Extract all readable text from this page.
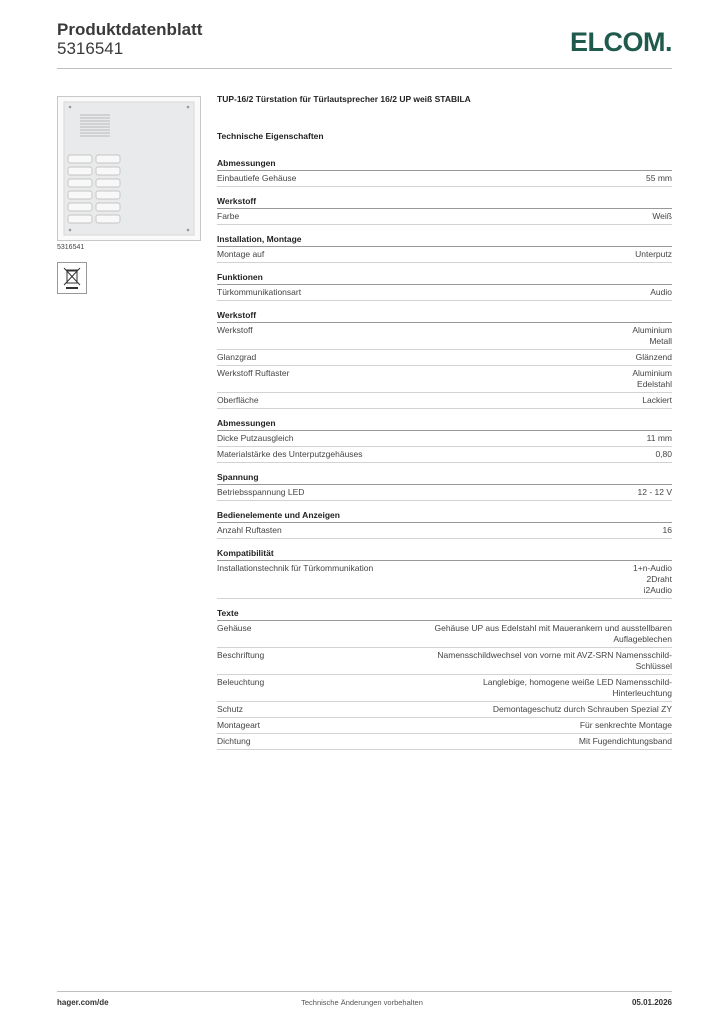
Produktdatenblatt
5316541	ELCOM.
5316541
TUP-16/2 Türstation für Türlautsprecher 16/2 UP weiß STABILA
Technische Eigenschaften
Abmessungen
Einbautiefe Gehäuse	55 mm
Werkstoff
Farbe	Weiß
Installation, Montage
Montage auf	Unterputz
Funktionen
Türkommunikationsart	Audio
Werkstoff
Werkstoff	Aluminium
Metall
Glanzgrad	Glänzend
Werkstoff Ruftaster	Aluminium
Edelstahl
Oberfläche	Lackiert
Abmessungen
Dicke Putzausgleich	11 mm
Materialstärke des Unterputzgehäuses	0,80
Spannung
Betriebsspannung LED	12 - 12 V
Bedienelemente und Anzeigen
Anzahl Ruftasten	16
Kompatibilität
Installationstechnik für Türkommunikation	1+n-Audio
2Draht
i2Audio
Texte
Gehäuse	Gehäuse UP aus Edelstahl mit Mauerankern und ausstellbaren
Auflageblechen
Beschriftung	Namensschildwechsel von vorne mit AVZ-SRN Namensschild-
Schlüssel
Beleuchtung	Langlebige, homogene weiße LED Namensschild-
Hinterleuchtung
Schutz	Demontageschutz durch Schrauben Spezial ZY
Montageart	Für senkrechte Montage
Dichtung	Mit Fugendichtungsband
hager.com/de	Technische Änderungen vorbehalten	05.01.2026
